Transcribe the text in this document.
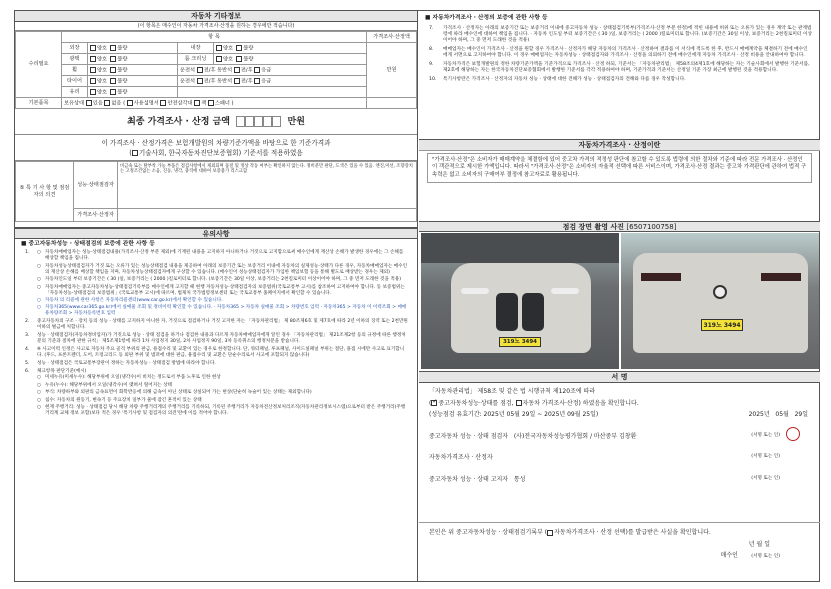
자동차 기타정보
(이 항목은 매수인이 자동차 가격조사·산정을 원하는 경우에만 적습니다)
수리필요	항 목				가격조사·산정액
	외장	양호 불량	내장	양호 불량	만원
	광택	양호 불량	룸 크리닝	양호 불량	
	휠	양호 불량	운전석 전/후 동반석 전/후 응급		
	타이어	양호 불량	운전석 전/후 동반석 전/후 응급		
	유리	양호 불량			
기본품목	보유상태 있음 없음 ( 사용설명서 안전삼각대 잭 스패너 )				
최종 가격조사 · 산정 금액	만원
이 가격조사 · 산정가격은 보험개발원의 차량기준가액을 바탕으로 한 기준가격과
( 기술사회, 한국자동차진단보증협회) 기준서를 적용하였음
⑤ 특 기 사 항 및 점검자의 의견	성능·상태점검자	비금속 또는 탈부착 가능 부품은 점검사항에서 제외되며 품질 및 정상 작동 여부는 확인하지 않는다. 정비분만 판단, 도색은 있을 수 있음. 엔진,미션, 조향장치는 고정조건없는 소음, 진동, 냉각, 충격에 대하여 보증불가 리스크함
	가격조사·산정자	
유의사항
■ 중고자동차성능 · 상태점검의 보증에 관한 사항 등
1. ○ 자동차매매업자는 성능·상태점검내용(가격조사·산정 부분 제외)에 기재된 내용을 고지하지 아니하거나 거짓으로 고지함으로써 매수인에게 재산상 손해가 발생한 경우에는 그 손해를 배상할 책임을 집니다.
○ 자동차성능상태점검자가 거짓 또는 오류가 있는 성능상태점검 내용을 제공하여 아래의 보증기간 또는 보증거리 이내에 자동차의 실제성능·상태가 다른 경우, 자동차매매업자는 매수인의 재산상 손해를 배상할 책임을 지며, 자동차성능상태점검자에게 구상할 수 있습니다. (매수인이 성능상태점검자가 가입한 책임보험 등을 통해 별도로 배상받는 경우는 제외)
○ 자동차인도일 부터 보증기간은 ( 30 )일, 보증거리는 ( 2000 )킬로미터로 합니다. (보증기간은 30일 이상, 보증거리는 2천킬로미터 이상이어야 하며, 그 중 먼저 도래한 것을 적용)
○ 자동차매매업자는 중고자동차성능·상태점검기록부를 매수인에게 고지할 때 현행 자동차성능·상태점검자의 보증범위(국토교통부 고시)를 참조하여 고지하여야 합니다. 동 보증범위는 「자동차성능·상태점검의 보증범위」(국토교통부 고시)에 따르며, 법제처 국가법령정보센터 또는 국토교통부 홈페이지에서 확인할 수 있습니다.
○ 자동차 의 리콜에 관한 사항은 자동차리콜센터(www.car.go.kr)에서 확인할 수 있습니다.
○ 자동차365(www.car365.go.kr)에서 실매물 조회 및 정비이력 확인할 수 있습니다. · 자동차365 > 자동차 실매물 조회 > 차량번호 입력 · 자동차365 > 자동차 이 이력조회 > 매매용차량조회 > 자동차등록번호 입력
2. 중고자동차의 구조 · 장치 등의 성능 · 상태를 고지하지 아니한 자, 거짓으로 점검하거나 거짓 고지한 자는 「자동차관리법」 제 80조제6호 및 제7호에 따라 2년 이하의 징역 또는 2천만원 이하의 벌금에 처합니다.
3. 성능 · 상태점검자(자동차정비업자)가 거짓으로 성능 · 상태 점검을 하거나 점검한 내용과 다르게 자동차매매업자에게 알린 경우 「자동차관리법」 제21조제2항 등의 규정에 따른 행정처분의 기준과 절차에 관한 규칙」 제5조제1항에 따라 1차 사업정지 30일, 2차 사업정지 90일, 3차 등록취소의 행정처분을 받습니다.
4. ※ 사고이력 인정은 사고로 자동차 주요 골격 부위의 판금, 용접수리 및 교환이 있는 경우로 한정합니다. 단, 쿼터패널, 루프패널, 사이드실패널 부위는 절단, 용접 시에만 사고로 표기합니다. (후드, 프론트펜더, 도어, 트렁크리드 등 외판 부위 및 범퍼에 대한 판금, 용접수리 및 교환은 단순수리로서 사고에 포함되지 않습니다)
5. 성능 · 상태점검은 국토교통부장관이 정하는 자동차성능 · 상태점검 방법에 따라야 합니다.
6. 체크항목 판단기준(예시)
○ 미세누유(미세누수): 해당부위에 오일(냉각수)이 비치는 정도로서 부품 노후로 인한 현상
○ 누유(누수): 해당부위에서 오일(냉각수)이 맺혀서 떨어지는 상태
○ 부식: 차량하부와 외판의 금속표면이 화학반응에 의해 금속이 아닌 상태로 상실되어 가는 현상(단순히 녹슬어 있는 상태는 제외합니다)
○ 침수: 자동차의 원동기, 변속기 등 주요장치 일부가 물에 잠긴 흔적이 있는 상태
○ 현재 주행거리: 성능 · 상태점검 당시 해당 차량 주행거리계의 주행거리를 기록하되, 기록된 주행거리가 자동차전산정보처리조직(자동차관리정보시스템)으로부터 받은 주행거리(주행거리계 교체 정보 포함)보다 적은 경우 '특기사항 및 점검자의 의견'란에 이를 적어야 합니다.
■ 자동차가격조사 · 산정의 보증에 관한 사항 등
7. 가격조사 · 산정자는 아래의 보증기간 또는 보증거리 이내에 중고자동차 성능 · 상태점검기록부(가격조사·산정 부분 한정)에 적힌 내용에 허위 또는 오류가 있는 경우 계약 또는 관계법령에 따라 매수인에 대하여 책임을 집니다. · 자동차 인도일 부터 보증기간은 ( 30 )일, 보증거리는 ( 2000 )킬로미터로 합니다. (보증기간은 30일 이상, 보증거리는 2천킬로미터 이상이어야 하며, 그 중 먼저 도래한 것을 적용)
8. 매매업자는 매수인이 가격조사 · 산정을 원할 경우 가격조사 · 산정자가 해당 자동차의 가격조사 · 산정하여 결과를 이 서식에 적도록 한 후, 반드시 매매계약을 체결하기 전에 매수인에게 서면으로 고지하여야 합니다. 이 경우 매매업자는 자동차성능 · 상태점검자와 가격조사 · 산정을 의뢰하기 전에 매수인에게 자동차 가격조사 · 산정 비용을 안내하여야 합니다.
9. 자동차가격은 보험개발원의 정한 차량기준가액을 기준가격으로 가격조사 · 산정 하되, 기준서는 「자동차관리법」 제58조의4제1호에 해당하는 자는 기술사회에서 발행한 기준서를, 제2호에 해당하는 자는 한국자동차진단보증협회에서 발행한 기준서를 각각 적용하여야 하며, 기준가격과 기준서는 산정일 기준 가장 최근에 발행된 것을 적용합니다.
10. 특기사항란은 가격조사 · 산정자의 자동차 성능 · 상태에 대한 견해가 성능 · 상태점검자의 견해와 다를 경우 작성합니다.
자동차가격조사 · 산정이란
"가격조사·산정"은 소비자가 매매계약을 체결함에 있어 중고차 가격의 적정성 판단에 참고할 수 있도록 법령에 의한 절차와 기준에 따라 전문 가격조사 · 산정인이 객관적으로 제시한 가액입니다. 따라서 "가격조사·산정"은 소비자의 자율적 선택에 따른 서비스이며, 가격조사·산정 결과는 중고차 가격판단에 관하여 법적 구속력은 없고 소비자의 구매여부 결정에 참고자료로 활용됩니다.
점검 장면 촬영 사진 [6507100758]
319노 3494
319노 3494
서 명
「자동차관리법」 제58조 및 같은 법 시행규칙 제120조에 따라
( ✓ 중고자동차성능·상태를 점검, 자동차 가격조사·산정) 하였음을 확인합니다.
(성능점검 유효기간: 2025년 05월 29일 ~ 2025년 09월 25일)	2025년 05월 29일
중고자동차 성능 · 상태 점검자 (사)전국자동차성능평가협회 / 마산중부 김창환	(서명 또는 인)
자동차가격조사 · 산정자	(서명 또는 인)
중고자동차 성능 · 상태 고지자 통성	(서명 또는 인)
본인은 위 중고자동차성능 · 상태점검기록부 ( 자동차가격조사 · 산정 선택)를 발급받은 사실을 확인합니다.
년 월 일
매수인	(서명 또는 인)
